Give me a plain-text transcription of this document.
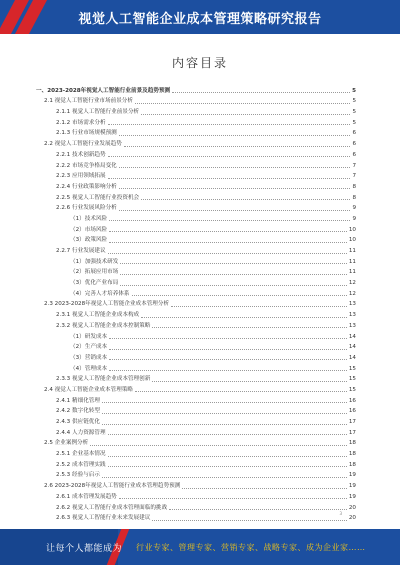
视觉人工智能企业成本管理策略研究报告
内容目录
一、2023-2028年视觉人工智能行业前景及趋势预测	5
2.1 视觉人工智能行业市场前景分析	5
2.1.1 视觉人工智能行业前景分析	5
2.1.2 市场需求分析	5
2.1.3 行业市场规模预测	6
2.2 视觉人工智能行业发展趋势	6
2.2.1 技术创新趋势	6
2.2.2 市场竞争格局变化	7
2.2.3 应用领域拓展	7
2.2.4 行业政策影响分析	8
2.2.5 视觉人工智能行业投资机会	8
2.2.6 行业发展风险分析	9
（1）技术风险	9
（2）市场风险	10
（3）政策风险	10
2.2.7 行业发展建议	11
（1）加强技术研发	11
（2）拓展应用市场	11
（3）优化产业布局	12
（4）完善人才培养体系	12
2.3 2023-2028年视觉人工智能企业成本管理分析	13
2.3.1 视觉人工智能企业成本构成	13
2.3.2 视觉人工智能企业成本控制策略	13
（1）研发成本	14
（2）生产成本	14
（3）营销成本	14
（4）管理成本	15
2.3.3 视觉人工智能企业成本管理创新	15
2.4 视觉人工智能企业成本管理策略	15
2.4.1 精细化管理	16
2.4.2 数字化转型	16
2.4.3 供应链优化	17
2.4.4 人力资源管理	17
2.5 企业案例分析	18
2.5.1 企业基本情况	18
2.5.2 成本管理实践	18
2.5.3 经验与启示	19
2.6 2023-2028年视觉人工智能行业成本管理趋势预测	19
2.6.1 成本管理发展趋势	19
2.6.2 视觉人工智能行业成本管理面临的挑战	20
2.6.3 视觉人工智能行业未来发展建议	20
3
让每个人都能成为 行业专家、管理专家、营销专家、战略专家、成为企业家……
